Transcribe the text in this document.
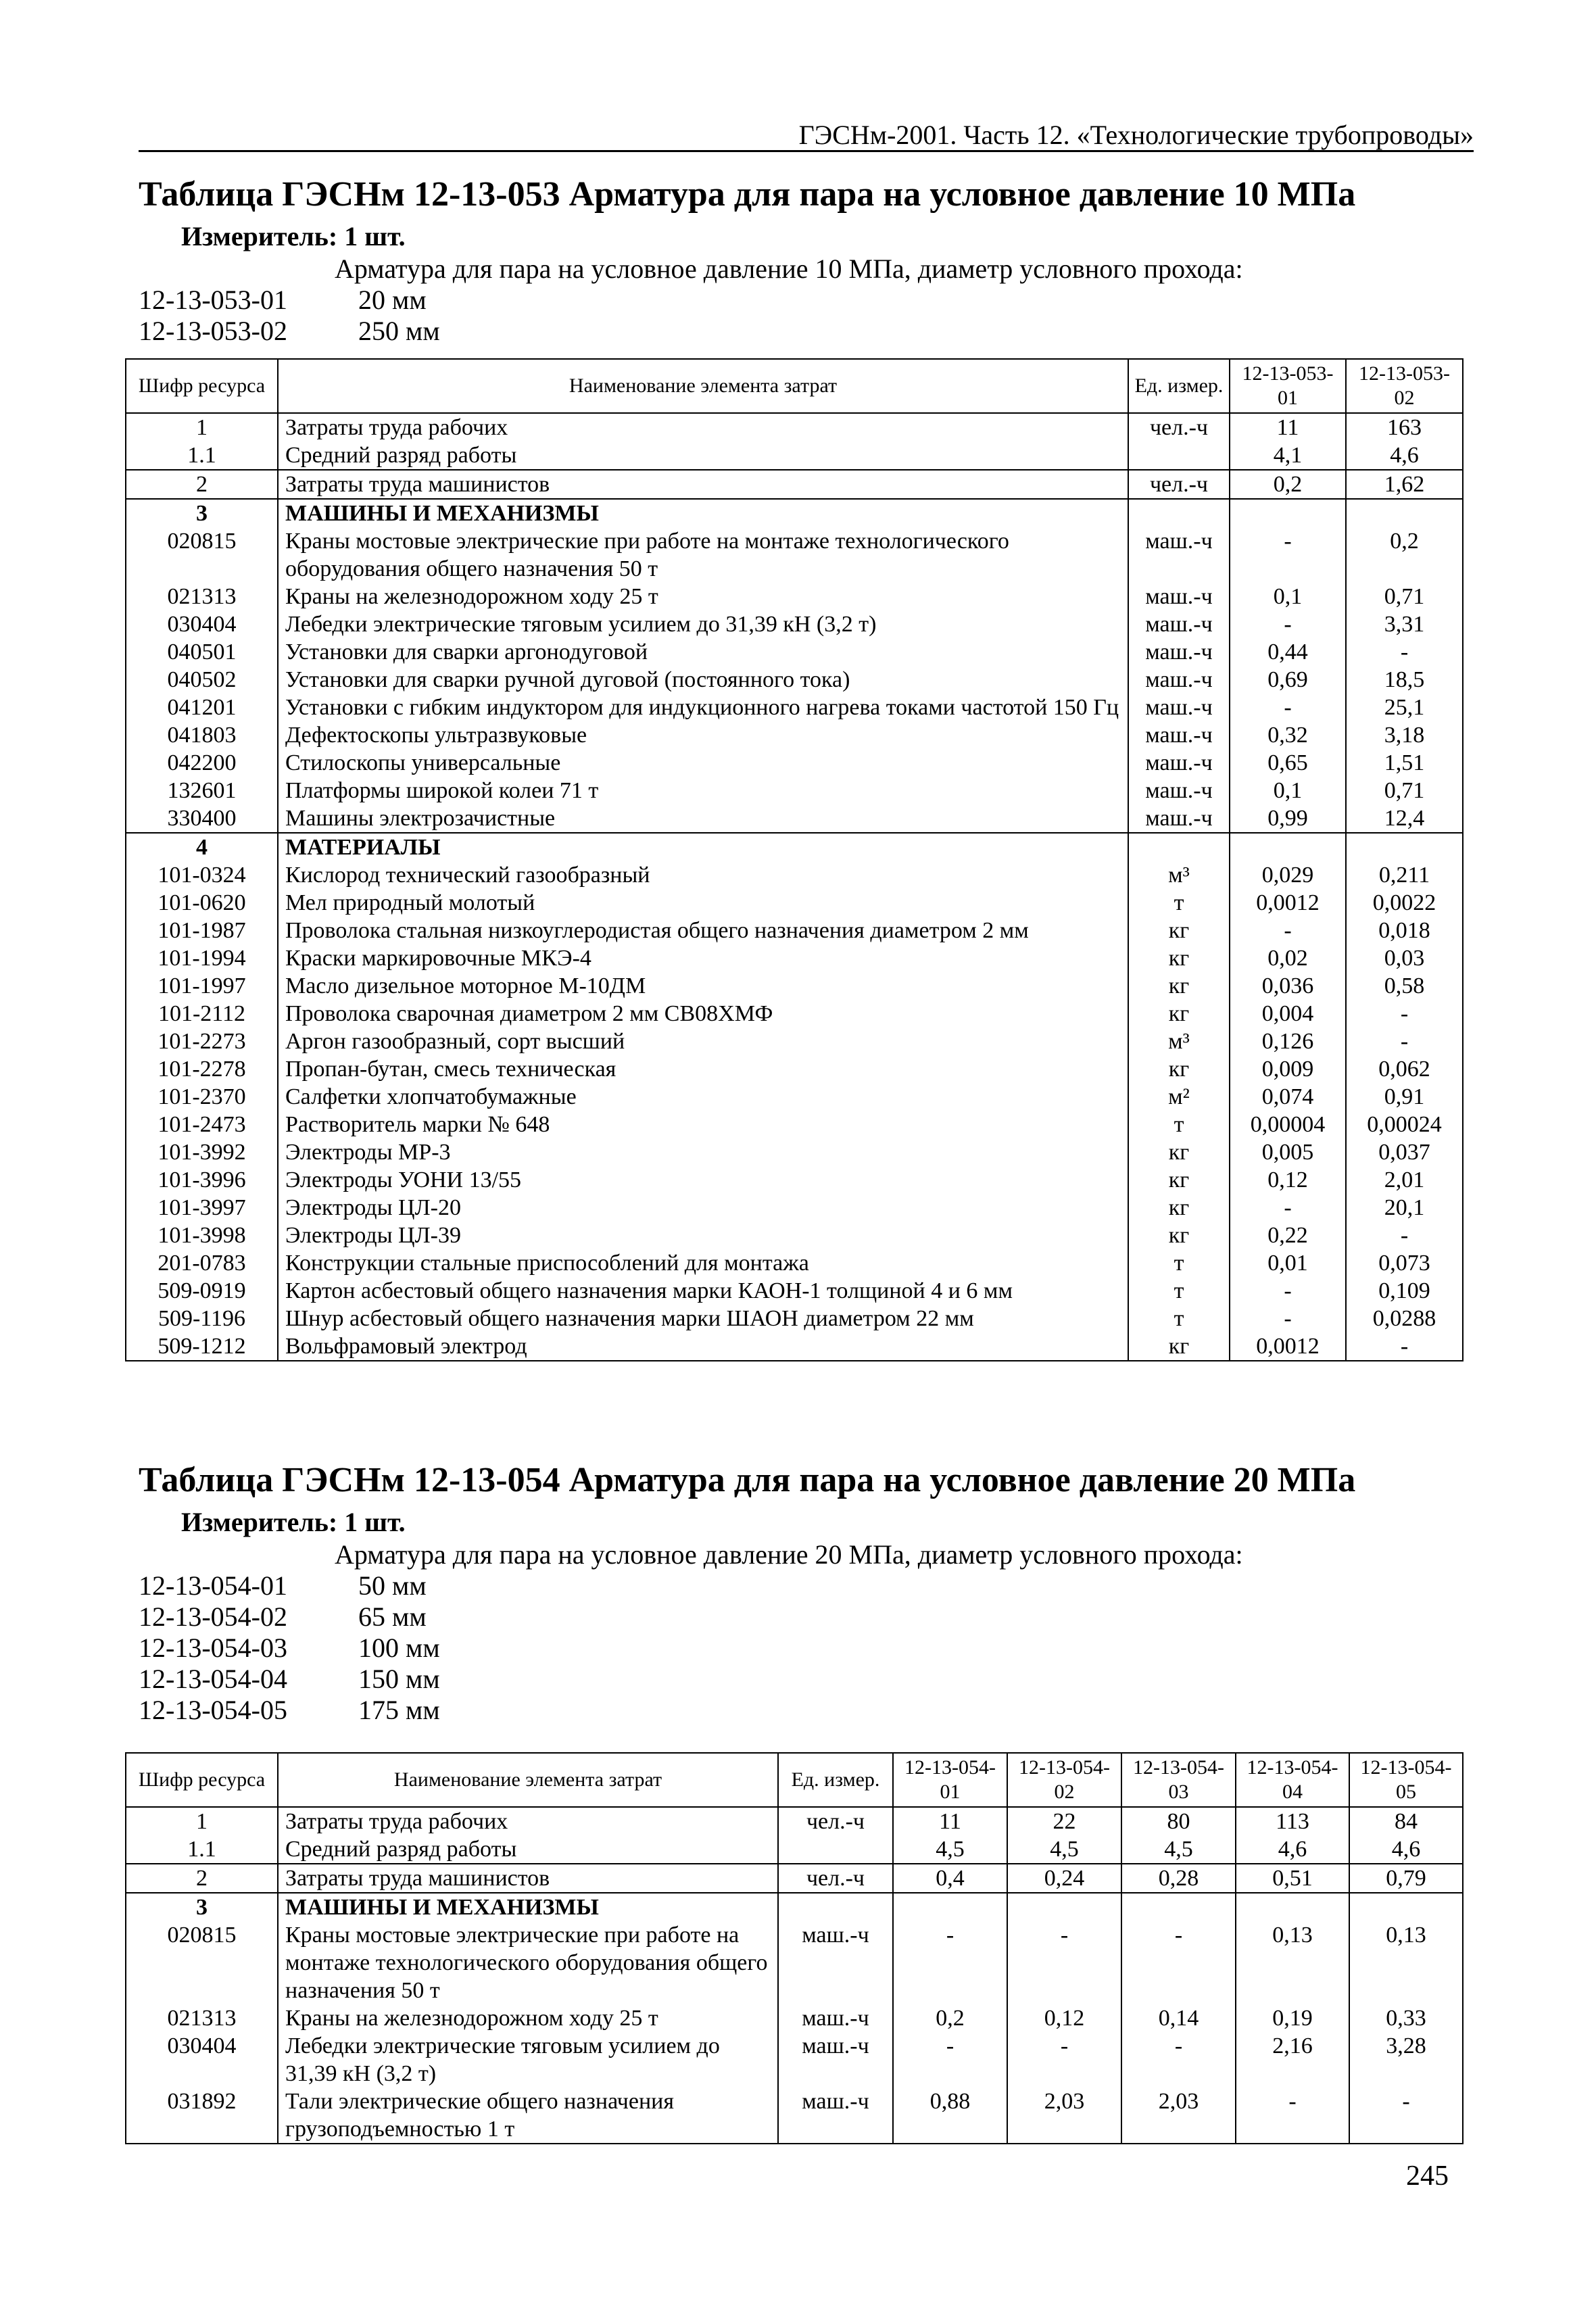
ГЭСНм-2001. Часть 12. «Технологические трубопроводы»
Таблица ГЭСНм 12-13-053 Арматура для пара на условное давление 10 МПа
Измеритель: 1 шт.
Арматура для пара на условное давление 10 МПа, диаметр условного прохода:
12-13-053-01	20 мм
12-13-053-02	250 мм
Шифр ресурса	Наименование элемента затрат	Ед. измер.	12-13-053-01	12-13-053-02
1	Затраты труда рабочих	чел.-ч	11	163
1.1	Средний разряд работы		4,1	4,6
2	Затраты труда машинистов	чел.-ч	0,2	1,62
3	МАШИНЫ И МЕХАНИЗМЫ			
020815	Краны мостовые электрические при работе на монтаже технологического оборудования общего назначения 50 т	маш.-ч	-	0,2
021313	Краны на железнодорожном ходу 25 т	маш.-ч	0,1	0,71
030404	Лебедки электрические тяговым усилием до 31,39 кН (3,2 т)	маш.-ч	-	3,31
040501	Установки для сварки аргонодуговой	маш.-ч	0,44	-
040502	Установки для сварки ручной дуговой (постоянного тока)	маш.-ч	0,69	18,5
041201	Установки с гибким индуктором для индукционного нагрева токами частотой 150 Гц	маш.-ч	-	25,1
041803	Дефектоскопы ультразвуковые	маш.-ч	0,32	3,18
042200	Стилоскопы универсальные	маш.-ч	0,65	1,51
132601	Платформы широкой колеи 71 т	маш.-ч	0,1	0,71
330400	Машины электрозачистные	маш.-ч	0,99	12,4
4	МАТЕРИАЛЫ			
101-0324	Кислород технический газообразный	м³	0,029	0,211
101-0620	Мел природный молотый	т	0,0012	0,0022
101-1987	Проволока стальная низкоуглеродистая общего назначения диаметром 2 мм	кг	-	0,018
101-1994	Краски маркировочные МКЭ-4	кг	0,02	0,03
101-1997	Масло дизельное моторное М-10ДМ	кг	0,036	0,58
101-2112	Проволока сварочная диаметром 2 мм СВ08ХМФ	кг	0,004	-
101-2273	Аргон газообразный, сорт высший	м³	0,126	-
101-2278	Пропан-бутан, смесь техническая	кг	0,009	0,062
101-2370	Салфетки хлопчатобумажные	м²	0,074	0,91
101-2473	Растворитель марки № 648	т	0,00004	0,00024
101-3992	Электроды МР-3	кг	0,005	0,037
101-3996	Электроды УОНИ 13/55	кг	0,12	2,01
101-3997	Электроды ЦЛ-20	кг	-	20,1
101-3998	Электроды ЦЛ-39	кг	0,22	-
201-0783	Конструкции стальные приспособлений для монтажа	т	0,01	0,073
509-0919	Картон асбестовый общего назначения марки КАОН-1 толщиной 4 и 6 мм	т	-	0,109
509-1196	Шнур асбестовый общего назначения марки ШАОН диаметром 22 мм	т	-	0,0288
509-1212	Вольфрамовый электрод	кг	0,0012	-
Таблица ГЭСНм 12-13-054 Арматура для пара на условное давление 20 МПа
Измеритель: 1 шт.
Арматура для пара на условное давление 20 МПа, диаметр условного прохода:
12-13-054-01	50 мм
12-13-054-02	65 мм
12-13-054-03	100 мм
12-13-054-04	150 мм
12-13-054-05	175 мм
Шифр ресурса	Наименование элемента затрат	Ед. измер.	12-13-054-01	12-13-054-02	12-13-054-03	12-13-054-04	12-13-054-05
1	Затраты труда рабочих	чел.-ч	11	22	80	113	84
1.1	Средний разряд работы		4,5	4,5	4,5	4,6	4,6
2	Затраты труда машинистов	чел.-ч	0,4	0,24	0,28	0,51	0,79
3	МАШИНЫ И МЕХАНИЗМЫ						
020815	Краны мостовые электрические при работе на монтаже технологического оборудования общего назначения 50 т	маш.-ч	-	-	-	0,13	0,13
021313	Краны на железнодорожном ходу 25 т	маш.-ч	0,2	0,12	0,14	0,19	0,33
030404	Лебедки электрические тяговым усилием до 31,39 кН (3,2 т)	маш.-ч	-	-	-	2,16	3,28
031892	Тали электрические общего назначения грузоподъемностью 1 т	маш.-ч	0,88	2,03	2,03	-	-
245
